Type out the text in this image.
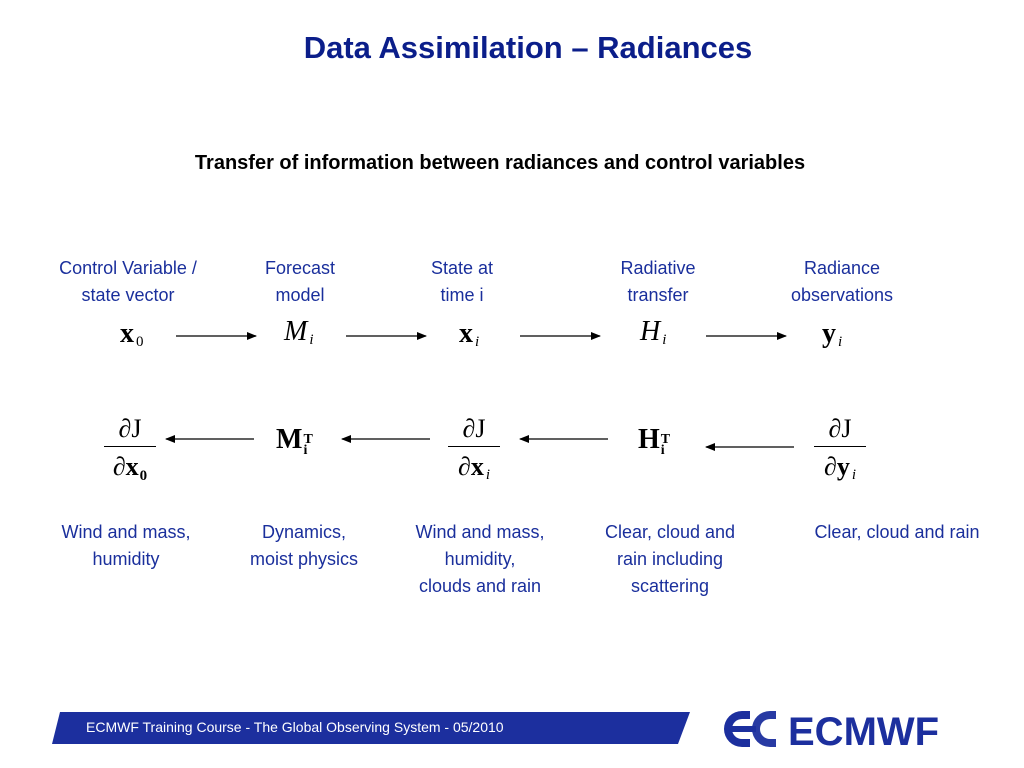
Data Assimilation – Radiances
Transfer of information between radiances and control variables
Control Variable /
state vector
Forecast
model
State at
time i
Radiative
transfer
Radiance
observations
x 0	M $_i$	x $_i$	H $_i$	y $_i$
∂J
∂x0
M T
i
∂J
∂x $_i$
H T
i
∂J
∂y $_i$
Wind and mass,
humidity
Dynamics,
moist physics
Wind and mass,
humidity,
clouds and rain
Clear, cloud and
rain including
scattering
Clear, cloud and rain
ECMWF Training Course - The Global Observing System - 05/2010	ECMWF
